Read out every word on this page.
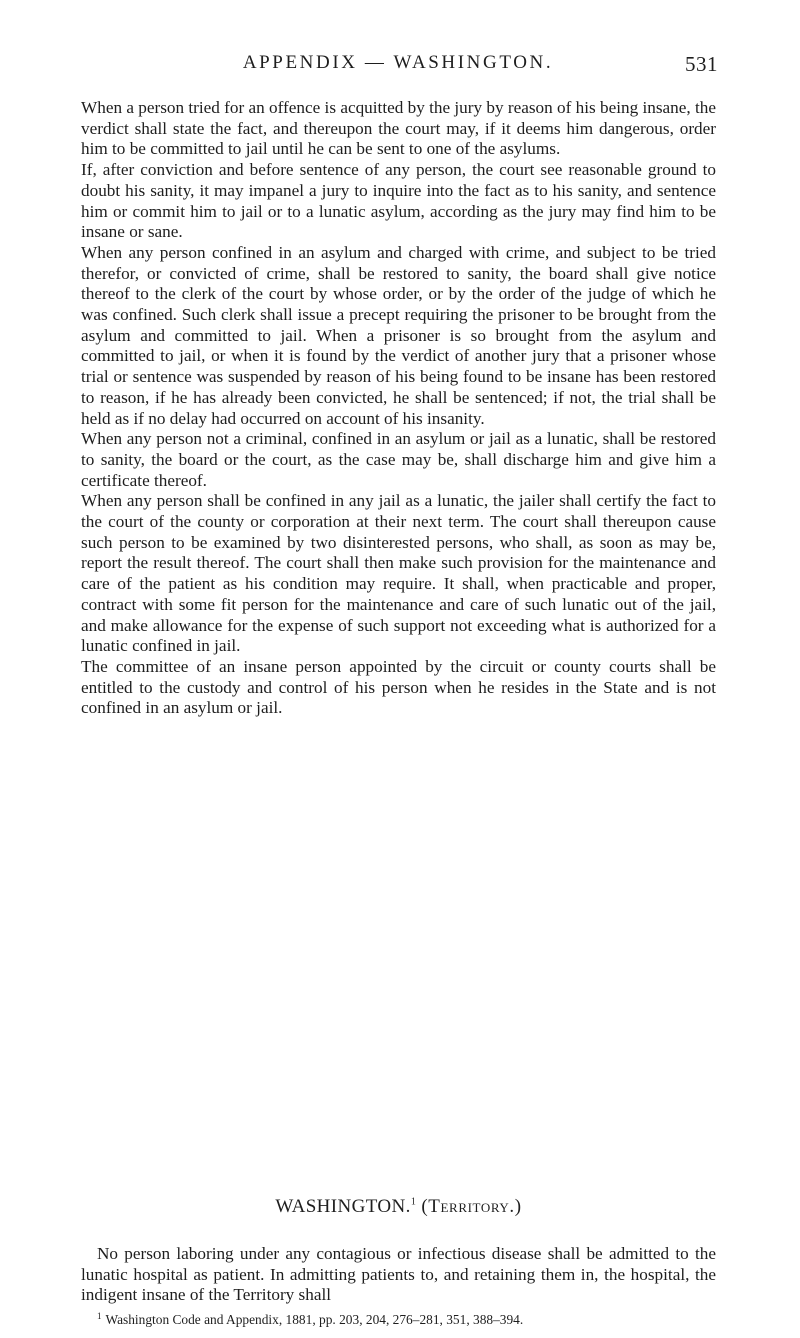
APPENDIX — WASHINGTON.	531

When a person tried for an offence is acquitted by the jury by reason of his being insane, the verdict shall state the fact, and thereupon the court may, if it deems him dangerous, order him to be committed to jail until he can be sent to one of the asylums.

If, after conviction and before sentence of any person, the court see reasonable ground to doubt his sanity, it may impanel a jury to inquire into the fact as to his sanity, and sentence him or commit him to jail or to a lunatic asylum, according as the jury may find him to be insane or sane.

When any person confined in an asylum and charged with crime, and subject to be tried therefor, or convicted of crime, shall be restored to sanity, the board shall give notice thereof to the clerk of the court by whose order, or by the order of the judge of which he was confined. Such clerk shall issue a precept requiring the prisoner to be brought from the asylum and committed to jail. When a prisoner is so brought from the asylum and committed to jail, or when it is found by the verdict of another jury that a prisoner whose trial or sentence was suspended by reason of his being found to be insane has been restored to reason, if he has already been convicted, he shall be sentenced; if not, the trial shall be held as if no delay had occurred on account of his insanity.

When any person not a criminal, confined in an asylum or jail as a lunatic, shall be restored to sanity, the board or the court, as the case may be, shall discharge him and give him a certificate thereof.

When any person shall be confined in any jail as a lunatic, the jailer shall certify the fact to the court of the county or corporation at their next term. The court shall thereupon cause such person to be examined by two disinterested persons, who shall, as soon as may be, report the result thereof. The court shall then make such provision for the maintenance and care of the patient as his condition may require. It shall, when practicable and proper, contract with some fit person for the maintenance and care of such lunatic out of the jail, and make allowance for the expense of such support not exceeding what is authorized for a lunatic confined in jail.

The committee of an insane person appointed by the circuit or county courts shall be entitled to the custody and control of his person when he resides in the State and is not confined in an asylum or jail.

WASHINGTON.$^1$ (Territory.)

No person laboring under any contagious or infectious disease shall be admitted to the lunatic hospital as patient. In admitting patients to, and retaining them in, the hospital, the indigent insane of the Territory shall

$^1$ Washington Code and Appendix, 1881, pp. 203, 204, 276–281, 351, 388–394.
